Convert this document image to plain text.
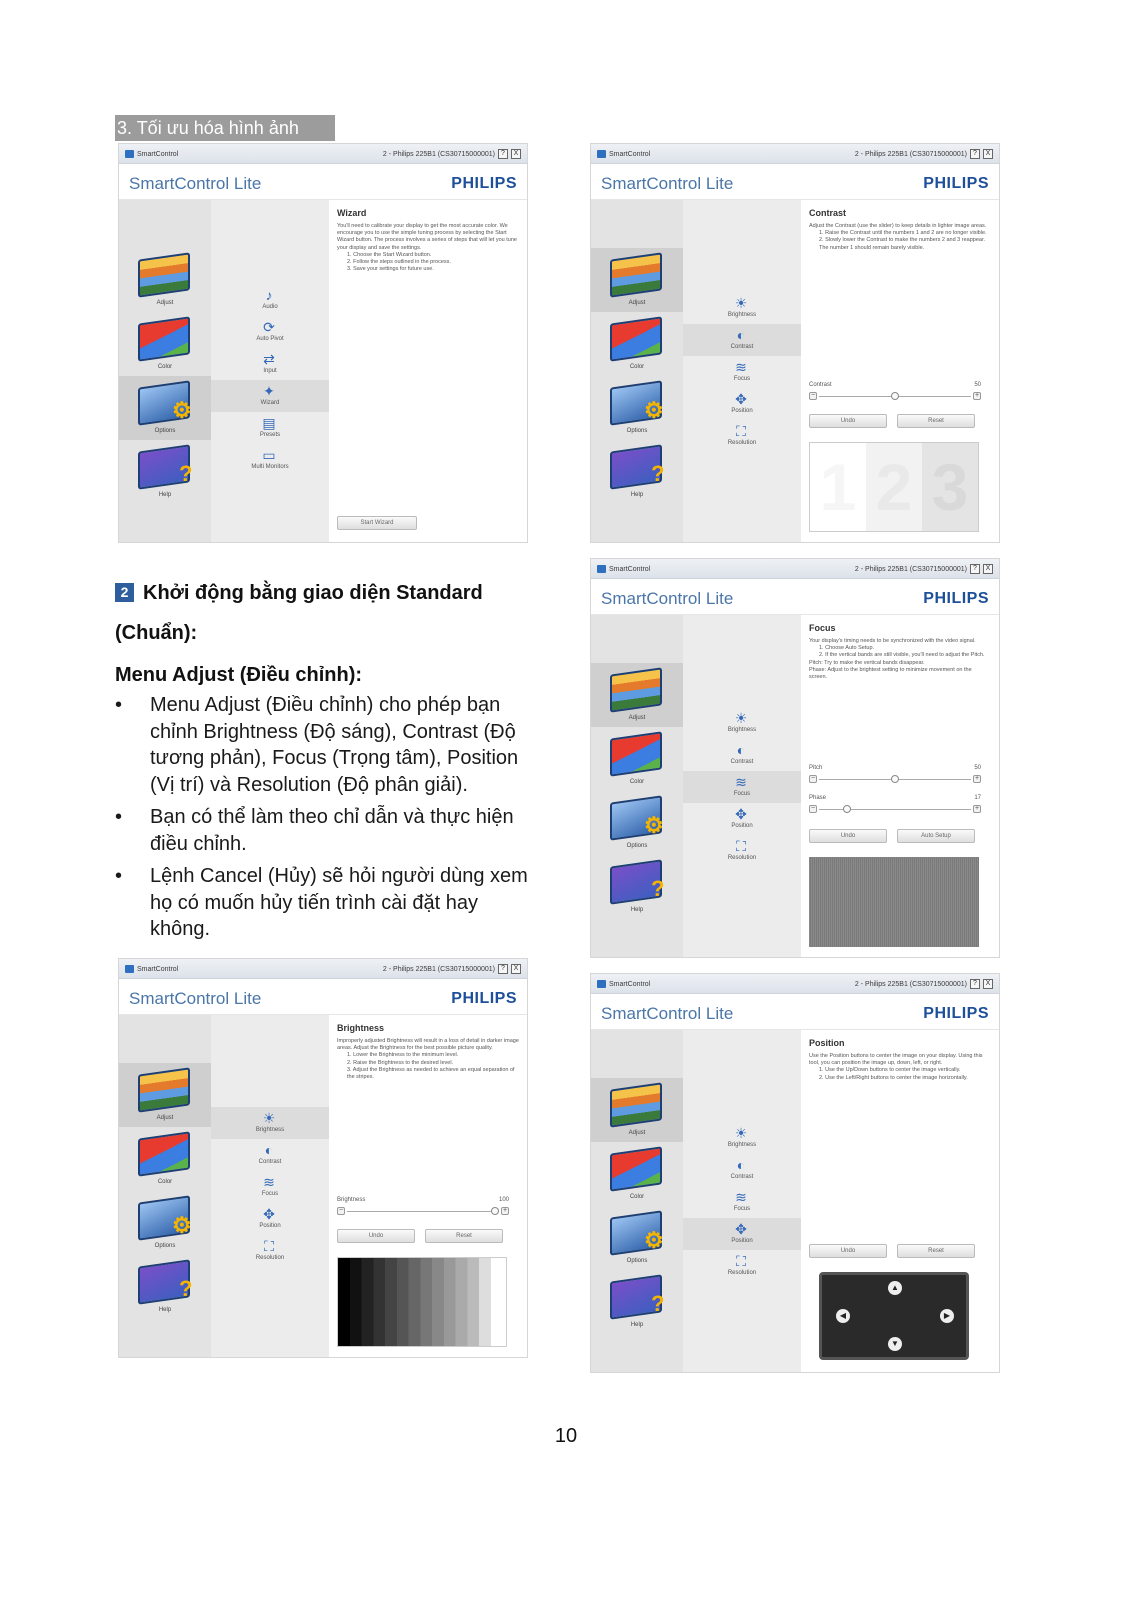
3. Tối ưu hóa hình ảnh
SmartControl	2 - Philips 225B1 (CS30715000001) ?	X
SmartControl Lite	PHILIPS
Adjust
Color
⚙
Options
?
Help
♪
Audio
⟳
Auto Pivot
⇄
Input
✦
Wizard
▤
Presets
▭
Multi Monitors
Wizard
You'll need to calibrate your display to get the most accurate color. We encourage you to use the simple tuning process by selecting the Start Wizard button. The process involves a series of steps that will let you tune your display and save the settings.
1. Choose the Start Wizard button.
2. Follow the steps outlined in the process.
3. Save your settings for future use.
Start Wizard
SmartControl	2 - Philips 225B1 (CS30715000001) ?	X
SmartControl Lite	PHILIPS
Adjust
Color
⚙
Options
?
Help
☀
Brightness
◐
Contrast
≋
Focus
✥
Position
⛶
Resolution
Contrast
Adjust the Contrast (use the slider) to keep details in lighter image areas.
1. Raise the Contrast until the numbers 1 and 2 are no longer visible.
2. Slowly lower the Contrast to make the numbers 2 and 3 reappear. The number 1 should remain barely visible.
Contrast	50
−	+
Undo	Reset
1 2 3
SmartControl	2 - Philips 225B1 (CS30715000001) ?	X
SmartControl Lite	PHILIPS
Adjust
Color
⚙
Options
?
Help
☀
Brightness
◐
Contrast
≋
Focus
✥
Position
⛶
Resolution
Focus
Your display's timing needs to be synchronized with the video signal.
1. Choose Auto Setup.
2. If the vertical bands are still visible, you'll need to adjust the Pitch.
Pitch: Try to make the vertical bands disappear.
Phase: Adjust to the brightest setting to minimize movement on the screen.
Pitch	50
−	+
Phase	17
−	+
Undo	Auto Setup
SmartControl	2 - Philips 225B1 (CS30715000001) ?	X
SmartControl Lite	PHILIPS
Adjust
Color
⚙
Options
?
Help
☀
Brightness
◐
Contrast
≋
Focus
✥
Position
⛶
Resolution
Brightness
Improperly adjusted Brightness will result in a loss of detail in darker image areas. Adjust the Brightness for the best possible picture quality.
1. Lower the Brightness to the minimum level.
2. Raise the Brightness to the desired level.
3. Adjust the Brightness as needed to achieve an equal separation of the stripes.
Brightness	100
−	+
Undo	Reset
SmartControl	2 - Philips 225B1 (CS30715000001) ?	X
SmartControl Lite	PHILIPS
Adjust
Color
⚙
Options
?
Help
☀
Brightness
◐
Contrast
≋
Focus
✥
Position
⛶
Resolution
Position
Use the Position buttons to center the image on your display. Using this tool, you can position the image up, down, left, or right.
1. Use the Up/Down buttons to center the image vertically.
2. Use the Left/Right buttons to center the image horizontally.
Undo	Reset
▲
▼
◀	▶
2 Khởi động bằng giao diện Standard (Chuẩn):
Menu Adjust (Điều chỉnh):
• Menu Adjust (Điều chỉnh) cho phép bạn chỉnh Brightness (Độ sáng), Contrast (Độ tương phản), Focus (Trọng tâm), Position (Vị trí) và Resolution (Độ phân giải).
• Bạn có thể làm theo chỉ dẫn và thực hiện điều chỉnh.
• Lệnh Cancel (Hủy) sẽ hỏi người dùng xem họ có muốn hủy tiến trình cài đặt hay không.
10
